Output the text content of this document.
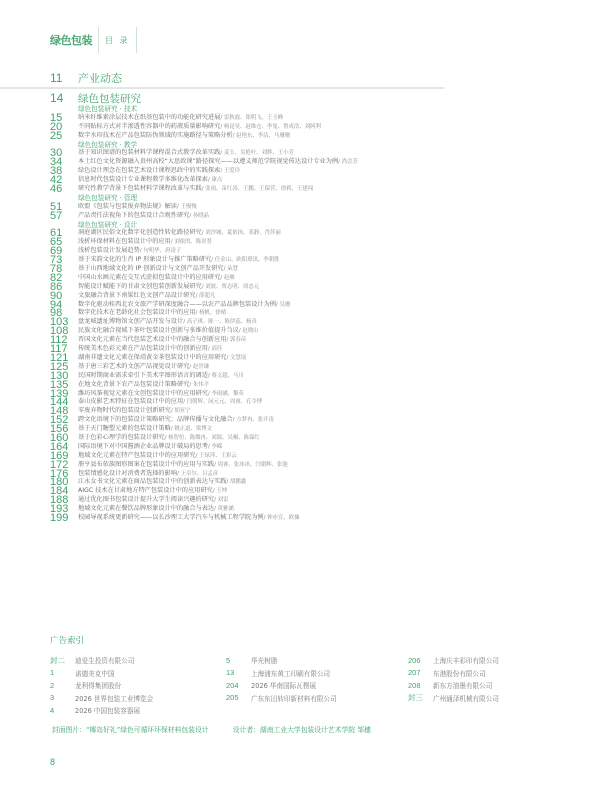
绿色包装 目 录
11	产业动态
14	绿色包装研究
绿色包装研究 · 技术
15	纳米纤维素涂层技术在纸基包装中的功能化研究进展 / 雷秋霞、郑明飞、王玉峰
20	不同贴标方式对半渗透性容器中的药液质量影响研究 / 杨昆昊、赵维仓、李兔、鲁成浩、刘阿利
25	数字水印技术在产品包装防伪领域的实施路径与策略分析 / 赵艳东、李洁、马珊珊
绿色包装研究 · 教学
30	基于知识图谱的包装材料学课程混合式教学改革实践 / 姜玉、吴艳叶、刘辉、王小芳
34	本土红色文化资源融入贵州高校“大思政课”路径探究——以遵义师范学院视觉传达设计专业为例 / 尚会芳
38	绿色设计理念在包装艺术设计课程思政中的实践探索 / 王爱玲
42	信息时代包装设计专业课程教学多维化改革探索 / 康点
46	研究性教学背景下包装材料学课程改革与实践 / 张雨、苗红涛、王鹏、王保营、徐莉、王建闯
绿色包装研究 · 管理
51	欧盟《包装与包装废弃物法规》解读 / 王慢慢
57	产品责任法视角下的包装设计合规性研究 / 孙晓晶
绿色包装研究 · 设计
61	洞庭湖区民俗文化数字化创造性转化路径研究 / 刘沙城、夏依扬、邓静、肖莎丽
65	浅析环保材料在包装设计中的应用 / 刘依的、陈景普
69	浅析包装设计发展趋势 / 句明华、唐凌子
73	基于宋韵文化的生肖 IP 形象设计与推广策略研究 / 任金山、欧阳璟讯、李朝胜
78	基于山西地域文化的 IP 创新设计与文创产品开发研究 / 朵慧
82	中国山水画元素在交互式虚拟包装设计中的应用研究 / 赵雁
86	智能设计赋能下的甘肃文创包装创新发展研究 / 刘波、贾志明、周忠元
90	文旅融合背景下南粱红色文创产品设计研究 / 薛超凡
94	数字化驱动桂西北农文旅产学研深度融合——以农产品品牌包装设计为例 / 吴珊
98	数字化技术在老龄化社会包装设计中的应用 / 杨帆、徐晴
103	盘龙城遗址博物馆文创产品开发与设计 / 高子琪、陈一、陈伊蕊、杨真
108	民族文化融合视域下茶叶包装设计创新与多维价值提升刍议 / 赵晓山
112	晋国文化元素在当代包装艺术设计中的融合与创新应用 / 郭春苗
117	传统美术色彩元素在产品包装设计中的创新应用 / 邱佳
121	湖南非遗文化元素在保靖黄金茶包装设计中的应用研究 / 文慧瑶
125	基于唐三彩艺术的文创产品视觉设计研究 / 赵誉谦
130	民国时期商业需求牵引下美术字图形语言的调适 / 蔡文超、马川
135	在地文化背景下农产品包装设计策略研究 / 朱伟平
139	潍坊风筝视觉元素在文创包装设计中的应用研究 / 李雨涵、黎英
144	泰山皮影艺术特征在包装设计中的应用 / 闫朝辉、闵元元、周睿、孔令博
148	零废弃物时代的包装设计创新研究 / 胡亚宁
152	跨文化语境下的包装设计策略研究：品牌传播与文化融合 / 方梦冉、张开凌
156	基于天门糖塑元素的包装设计策略 / 姚正道、梁博文
160	基于色彩心理学的包装设计研究 / 杨智恒、陈烟冉、刘源、吴桐、陈保红
164	国际语境下对中国酱酒企业品牌设计破局的思考 / 李嵘
169	地域文化元素在特产包装设计中的应用研究 / 王绿萍、王彩云
172	册亨县布依族图形图案在包装设计中的应用与实践 / 周睿、张冰冰、闫朝辉、张弛
176	包装情感化设计对消费者选择的影响 / 王卓尔、吕孟彦
180	江永女书文化元素在商品包装设计中的创新表达与实践 / 胡鹏鑫
184	AIGC 技术在甘肃地方特产包装设计中的应用研究 / 王坤
188	通过优化图书包装设计提升大学生阅读兴趣的研究 / 刘雷
193	地域文化元素在餐饮品牌形象设计中的融合与表达 / 黄雅涵
199	校园导视系统更新研究——以长沙理工大学汽车与机械工程学院为例 / 钟亦宣、欧操
广告索引
封二	迪爱生投资有限公司
1	诺德美克中国
2	龙利得集团股份
3	2026 世界包装工业博览会
4	2026 中国包装容器展
5	华光树脂
13	上海浦东黄工印刷有限公司
204	2026 华南国际瓦楞展
205	广东东田转印新材料有限公司
206	上海庆丰彩印有限公司
207	东港股份有限公司
208	新东方油墨有限公司
封三	广州通泽机械有限公司
封面图片：“椰岛好礼”绿色可循环环保材料包装设计	设计者：湖南工业大学包装设计艺术学院 邹穗
8
